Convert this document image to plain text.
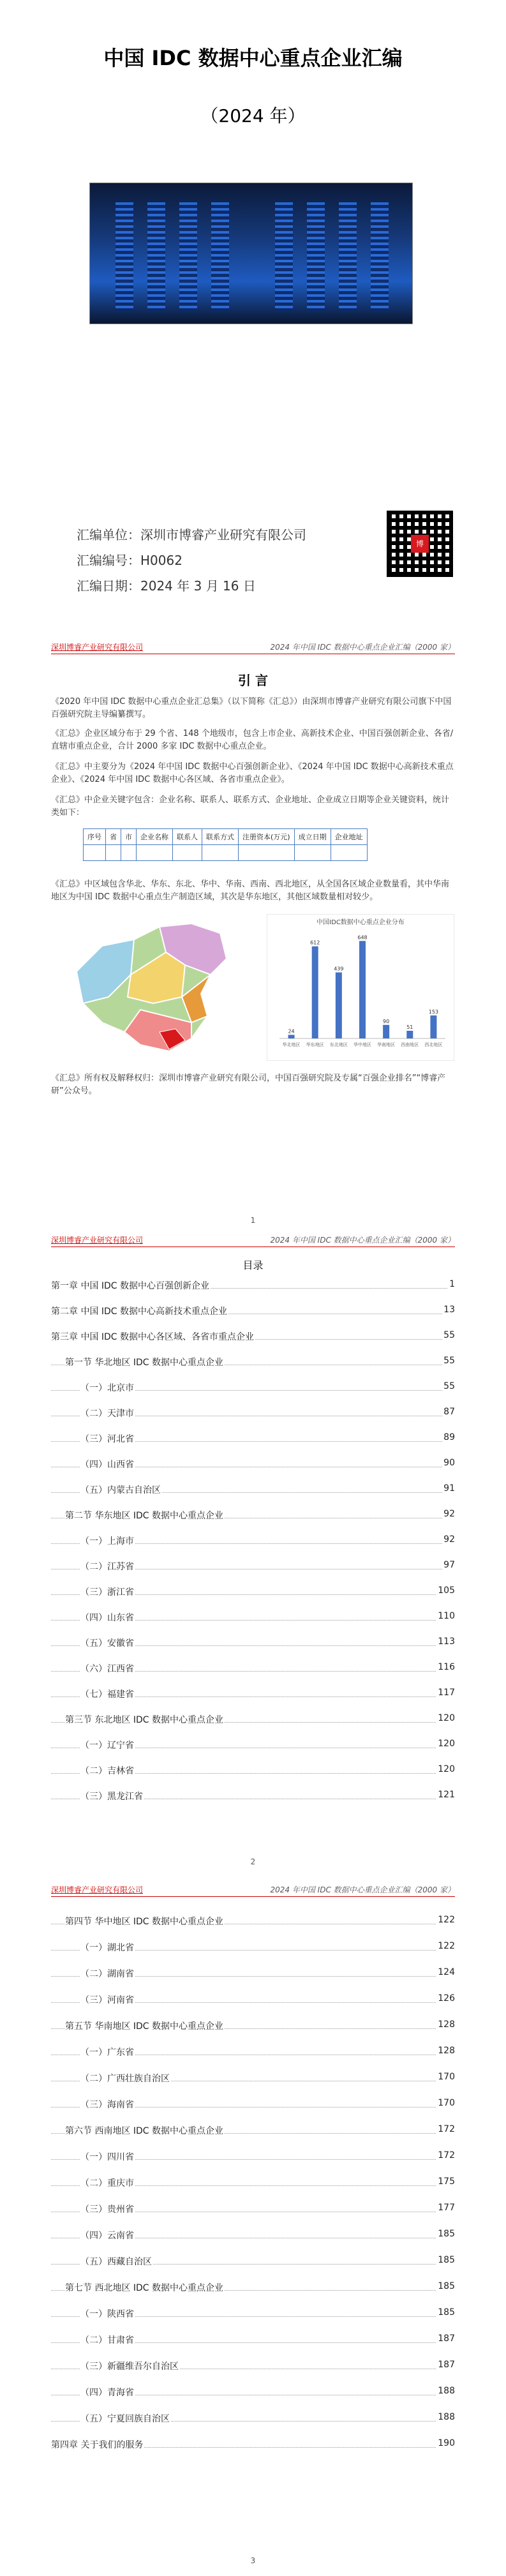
中国 IDC 数据中心重点企业汇编
（2024 年）
汇编单位：深圳市博睿产业研究有限公司
汇编编号：H0062
汇编日期：2024 年 3 月 16 日
博
深圳博睿产业研究有限公司	2024 年中国 IDC 数据中心重点企业汇编（2000 家）
引 言
《2020 年中国 IDC 数据中心重点企业汇总集》（以下简称《汇总》）由深圳市博睿产业研究有限公司旗下中国百强研究院主导编纂撰写。
《汇总》企业区域分布于 29 个省、148 个地级市，包含上市企业、高新技术企业、中国百强创新企业、各省/直辖市重点企业，合计 2000 多家 IDC 数据中心重点企业。
《汇总》中主要分为《2024 年中国 IDC 数据中心百强创新企业》、《2024 年中国 IDC 数据中心高新技术重点企业》、《2024 年中国 IDC 数据中心各区域、各省市重点企业》。
《汇总》中企业关键字包含：企业名称、联系人、联系方式、企业地址、企业成立日期等企业关键资料，统计类如下：
序号	省	市	企业名称	联系人	联系方式	注册资本(万元)	成立日期	企业地址

《汇总》中区域包含华北、华东、东北、华中、华南、西南、西北地区，从全国各区域企业数量看，其中华南地区为中国 IDC 数据中心重点生产制造区域，其次是华东地区，其他区域数量相对较少。
中国IDC数据中心重点企业分布
24
华北地区
612
华东地区
439
东北地区
648
华中地区
90
华南地区
51
西南地区
153
西北地区
《汇总》所有权及解释权归：深圳市博睿产业研究有限公司，中国百强研究院及专属“百强企业排名”“博睿产研”公众号。
1
深圳博睿产业研究有限公司	2024 年中国 IDC 数据中心重点企业汇编（2000 家）
目录
第一章 中国 IDC 数据中心百强创新企业	1
第二章 中国 IDC 数据中心高新技术重点企业	13
第三章 中国 IDC 数据中心各区域、各省市重点企业	55
第一节 华北地区 IDC 数据中心重点企业	55
（一）北京市	55
（二）天津市	87
（三）河北省	89
（四）山西省	90
（五）内蒙古自治区	91
第二节 华东地区 IDC 数据中心重点企业	92
（一）上海市	92
（二）江苏省	97
（三）浙江省	105
（四）山东省	110
（五）安徽省	113
（六）江西省	116
（七）福建省	117
第三节 东北地区 IDC 数据中心重点企业	120
（一）辽宁省	120
（二）吉林省	120
（三）黑龙江省	121
2
深圳博睿产业研究有限公司	2024 年中国 IDC 数据中心重点企业汇编（2000 家）
第四节 华中地区 IDC 数据中心重点企业	122
（一）湖北省	122
（二）湖南省	124
（三）河南省	126
第五节 华南地区 IDC 数据中心重点企业	128
（一）广东省	128
（二）广西壮族自治区	170
（三）海南省	170
第六节 西南地区 IDC 数据中心重点企业	172
（一）四川省	172
（二）重庆市	175
（三）贵州省	177
（四）云南省	185
（五）西藏自治区	185
第七节 西北地区 IDC 数据中心重点企业	185
（一）陕西省	185
（二）甘肃省	187
（三）新疆维吾尔自治区	187
（四）青海省	188
（五）宁夏回族自治区	188
第四章 关于我们的服务	190
3
